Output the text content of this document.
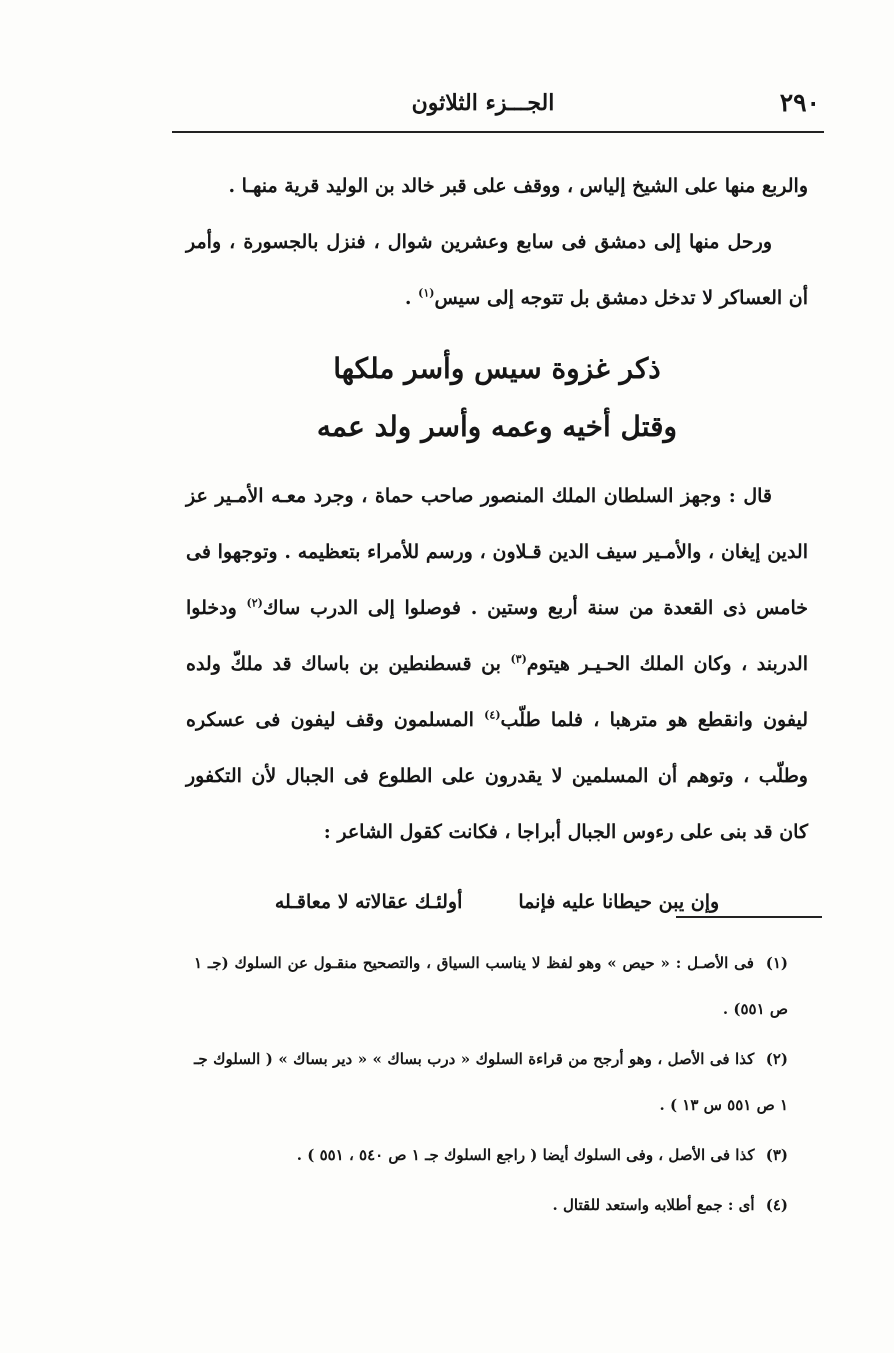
٢٩٠
الجـــزء الثلاثون

والربع منها على الشيخ إلياس ، ووقف على قبر خالد بن الوليد قرية منهـا .

ورحل منها إلى دمشق فى سابع وعشرين شوال ، فنزل بالجسورة ، وأمر أن العساكر لا تدخل دمشق بل تتوجه إلى سيس$^{(١)}$ .

ذكر غزوة سيس وأسر ملكها

وقتل أخيه وعمه وأسر ولد عمه

قال : وجهز السلطان الملك المنصور صاحب حماة ، وجرد معـه الأمـير عز الدين إيغان ، والأمـير سيف الدين قـلاون ، ورسم للأمراء بتعظيمه . وتوجهوا فى خامس ذى القعدة من سنة أربع وستين . فوصلوا إلى الدرب ساك$^{(٢)}$ ودخلوا الدربند ، وكان الملك الحـيـر هيتوم$^{(٣)}$ بن قسطنطين بن باساك قد ملكّ ولده ليفون وانقطع هو مترهبا ، فلما طلّب$^{(٤)}$ المسلمون وقف ليفون فى عسكره وطلّب ، وتوهم أن المسلمين لا يقدرون على الطلوع فى الجبال لأن التكفور كان قد بنى على رءوس الجبال أبراجا ، فكانت كقول الشاعر :

وإن يبن حيطانا عليه فإنما
أولئـك عقالاته لا معاقـله

(١) فى الأصـل : « حيص » وهو لفظ لا يناسب السياق ، والتصحيح منقـول عن السلوك (جـ ١ ص ٥٥١) .

(٢) كذا فى الأصل ، وهو أرجح من قراءة السلوك « درب بساك » « دير بساك » ( السلوك جـ ١ ص ٥٥١ س ١٣ ) .

(٣) كذا فى الأصل ، وفى السلوك أيضا ( راجع السلوك جـ ١ ص ٥٤٠ ، ٥٥١ ) .

(٤) أى : جمع أطلابه واستعد للقتال .
